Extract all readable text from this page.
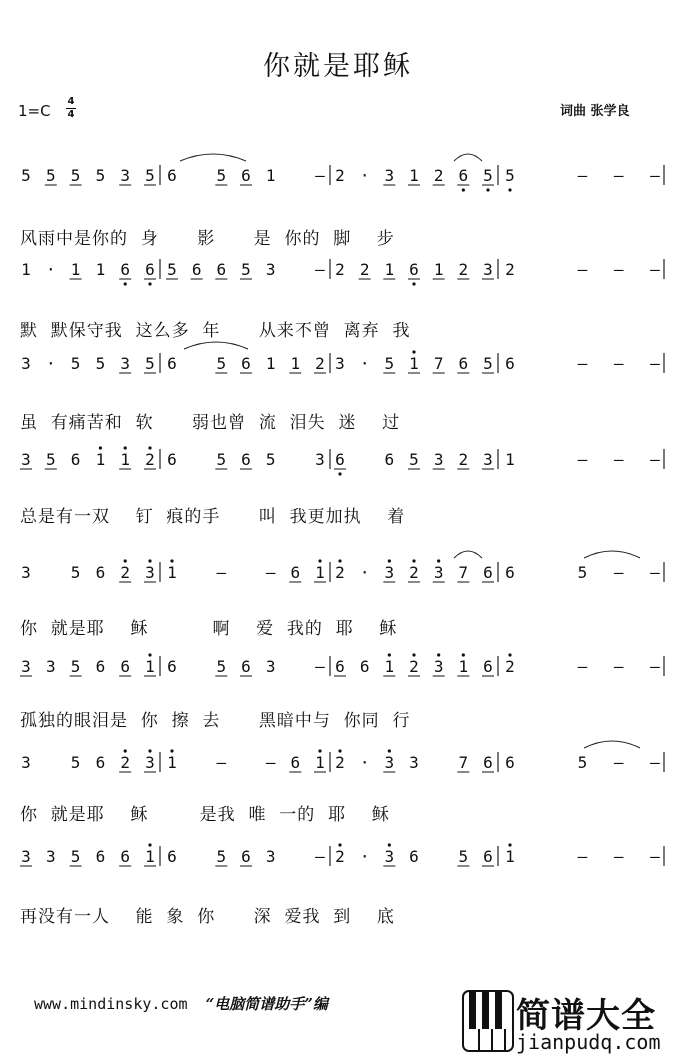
你就是耶稣
1=C
4
4	词曲 张学良
5 5 5 5 3 5 6 5 6 1 — 2 · 3 1 2 6 5 5	— — —
1 · 1 1 6 6 5 6 6 5 3 — 2 2 1 6 1 2 3 2	— — —
3 · 5 5 3 5 6 5 6 1 1 2 3 · 5 1 7 6 5 6	— — —
3 5 6 1 1 2 6 5 6 5 3 6 6 5 3 2 3 1	— — —
3 5 6 2 3 1 — — 6 1 2 · 3 2 3 7 6 6	5 — —
3 3 5 6 6 1 6 5 6 3 — 6 6 1 2 3 1 6 2	— — —
3 5 6 2 3 1 — — 6 1 2 · 3 3 7 6 6	5 — —
3 3 5 6 6 1 6 5 6 3 — 2 · 3 6 5 6 1	— — —
风雨中是你的  身      影      是  你的  脚    步
默  默保守我  这么多  年      从来不曾  离弃  我
虽  有痛苦和  软      弱也曾  流  泪失  迷    过
总是有一双    钉  痕的手      叫  我更加执    着
你  就是耶    稣          啊    爱  我的  耶    稣
孤独的眼泪是  你  擦  去      黑暗中与  你同  行
你  就是耶    稣        是我  唯  一的  耶    稣
再没有一人    能  象  你      深  爱我  到    底
www.mindinsky.com “电脑简谱助手”编	简谱大全
jianpudq.com
